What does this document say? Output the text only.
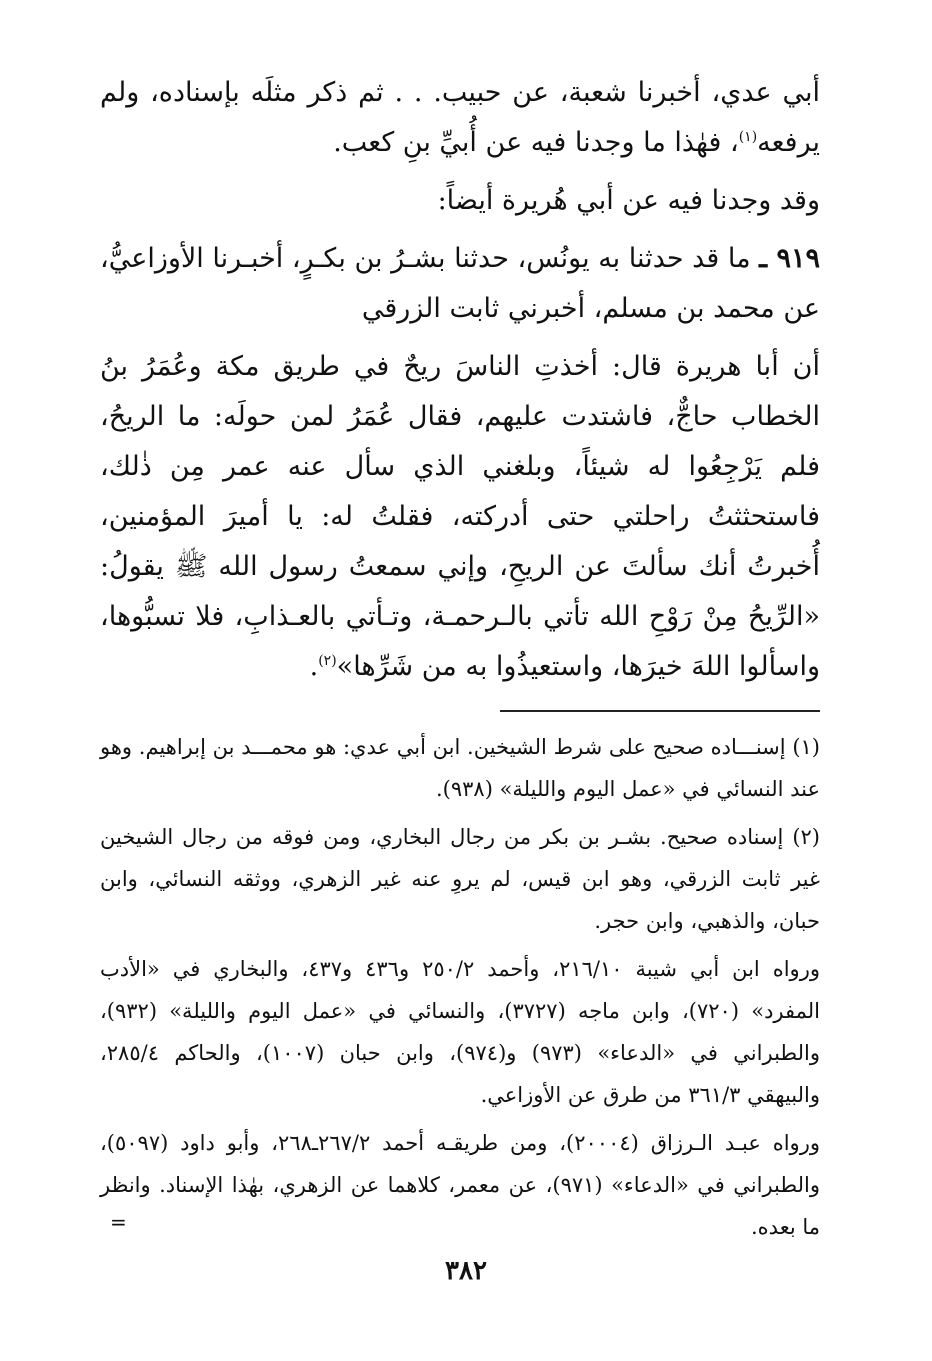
أبي عدي، أخبرنا شعبة، عن حبيب. . . ثم ذكر مثلَه بإسناده، ولم يرفعه$^{(١)}$، فهٰذا ما وجدنا فيه عن أُبيِّ بنِ كعب.

وقد وجدنا فيه عن أبي هُريرة أيضاً:

٩١٩ ـ ما قد حدثنا به يونُس، حدثنا بشـرُ بن بكـرٍ، أخبـرنا الأوزاعيُّ، عن محمد بن مسلم، أخبرني ثابت الزرقي

أن أبا هريرة قال: أخذتِ الناسَ ريحٌ في طريق مكة وعُمَرُ بنُ الخطاب حاجٌّ، فاشتدت عليهم، فقال عُمَرُ لمن حولَه: ما الريحُ، فلم يَرْجِعُوا له شيئاً، وبلغني الذي سأل عنه عمر مِن ذٰلك، فاستحثثتُ راحلتي حتى أدركته، فقلتُ له: يا أميرَ المؤمنين، أُخبرتُ أنك سألتَ عن الريحِ، وإني سمعتُ رسول الله ﷺ يقولُ: «الرِّيحُ مِنْ رَوْحِ الله تأتي بالـرحمـة، وتـأتي بالعـذابِ، فلا تسبُّوها، واسألوا اللهَ خيرَها، واستعيذُوا به من شَرِّها»$^{(٢)}$.

(١) إسنـــاده صحيح على شرط الشيخين. ابن أبي عدي: هو محمـــد بن إبراهيم. وهو عند النسائي في «عمل اليوم والليلة» (٩٣٨).

(٢) إسناده صحيح. بشـر بن بكر من رجال البخاري، ومن فوقه من رجال الشيخين غير ثابت الزرقي، وهو ابن قيس، لم يروِ عنه غير الزهري، ووثقه النسائي، وابن حبان، والذهبي، وابن حجر.

ورواه ابن أبي شيبة ٢١٦/١٠، وأحمد ٢٥٠/٢ و٤٣٦ و٤٣٧، والبخاري في «الأدب المفرد» (٧٢٠)، وابن ماجه (٣٧٢٧)، والنسائي في «عمل اليوم والليلة» (٩٣٢)، والطبراني في «الدعاء» (٩٧٣) و(٩٧٤)، وابن حبان (١٠٠٧)، والحاكم ٢٨٥/٤، والبيهقي ٣٦١/٣ من طرق عن الأوزاعي.

ورواه عبـد الـرزاق (٢٠٠٠٤)، ومن طريقـه أحمد ٢٦٧/٢ـ٢٦٨، وأبو داود (٥٠٩٧)، والطبراني في «الدعاء» (٩٧١)، عن معمر، كلاهما عن الزهري، بهٰذا الإسناد. وانظر ما بعده.

=
٣٨٢
